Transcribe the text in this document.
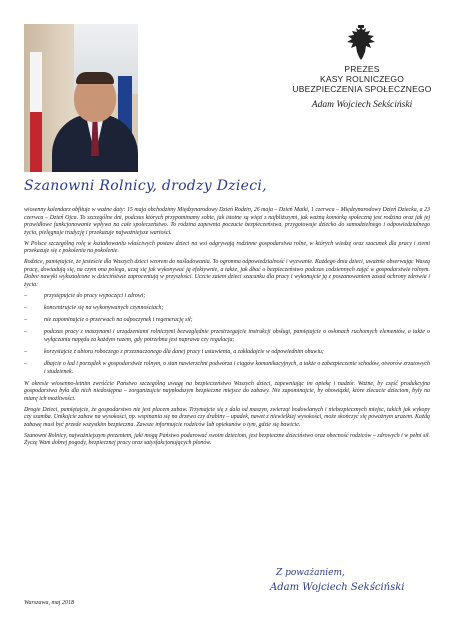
PREZES
KASY ROLNICZEGO
UBEZPIECZENIA SPOŁECZNEGO
Adam Wojciech Sekściński
Szanowni Rolnicy, drodzy Dzieci,

wiosenny kalendarz obfituje w ważne daty: 15 maja obchodzimy Międzynarodowy Dzień Rodzin, 26 maja – Dzień Matki, 1 czerwca – Międzynarodowy Dzień Dziecka, a 23 czerwca – Dzień Ojca. To szczególne dni, podczas których przypominamy sobie, jak istotne są więzi z najbliższymi, jak ważną komórką społeczną jest rodzina oraz jak jej prawidłowe funkcjonowanie wpływa na całe społeczeństwo. To rodzina zapewnia poczucie bezpieczeństwa, przygotowuje dziecko do samodzielnego i odpowiedzialnego życia, pielęgnuje tradycję i przekazuje najważniejsze wartości.

W Polsce szczególną rolę w kształtowaniu właściwych postaw dzieci na wsi odgrywają rodzinne gospodarstwa rolne, w których wiedzę oraz szacunek dla pracy i ziemi przekazuje się z pokolenia na pokolenie.

Rodzice, pamiętajcie, że jesteście dla Waszych dzieci wzorem do naśladowania. To ogromna odpowiedzialność i wyzwanie. Każdego dnia dzieci, uważnie obserwując Waszą pracę, dowiadują się, na czym ona polega, uczą się jak wykonywać ją efektywnie, a także, jak dbać o bezpieczeństwo podczas codziennych zajęć w gospodarstwie rolnym. Dobre nawyki wykształcone w dzieciństwie zaprocentują w przyszłości. Uczcie zatem dzieci szacunku dla pracy i wykonujcie ją z poszanowaniem zasad ochrony zdrowia i życia:

– przystępujcie do pracy wypoczęci i zdrowi;
– koncentrujcie się na wykonywanych czynnościach;
– nie zapominajcie o przerwach na odpoczynek i regenerację sił;
– podczas pracy z maszynami i urządzeniami rolniczymi bezwzględnie przestrzegajcie instrukcji obsługi, pamiętajcie o osłonach ruchomych elementów, a także o wyłączaniu napędu za każdym razem, gdy potrzebna jest naprawa czy regulacja;
– korzystajcie z ubioru roboczego z przeznaczonego dla danej pracy i ustawienia, a zakładajcie w odpowiednim obuwiu;
– dbajcie o ład i porządek w gospodarstwie rolnym, o stan nawierzchni podwórza i ciągów komunikacyjnych, a także o zabezpieczenie schodów, otworów zrzutowych i studzienek.

W okresie wiosenno-letnim zwróćcie Państwo szczególną uwagę na bezpieczeństwo Waszych dzieci, zapewniając im opiekę i nadzór. Ważne, by część produkcyjna gospodarstwa była dla nich niedostępna – zorganizujcie najmłodszym bezpieczne miejsce do zabawy. Nie zapominajcie, by obowiązki, które zlecacie dzieciom, były na miarę ich możliwości.

Drogie Dzieci, pamiętajcie, że gospodarstwo nie jest placem zabaw. Trzymajcie się z dala od maszyn, zwierząt hodowlanych i niebezpiecznych miejsc, takich jak wykopy czy szamba. Unikajcie zabaw na wysokości, np. wspinania się na drzewa czy drabiny – upadek, nawet z niewielkiej wysokości, może skończyć się poważnym urazem. Każdą zabawę musi być przede wszystkim bezpieczna. Zawsze informujcie rodziców lub opiekunów o tym, gdzie się bawicie.

Szanowni Rolnicy, najważniejszym prezentem, jaki mogą Państwo podarować swoim dzieciom, jest bezpieczne dzieciństwo oraz obecność rodziców – zdrowych i w pełni sił. Życzę Wam dobrej pogody, bezpiecznej pracy oraz satysfakcjonujących plonów.

Z poważaniem,
Adam Wojciech Sekściński
Warszawa, maj 2018
